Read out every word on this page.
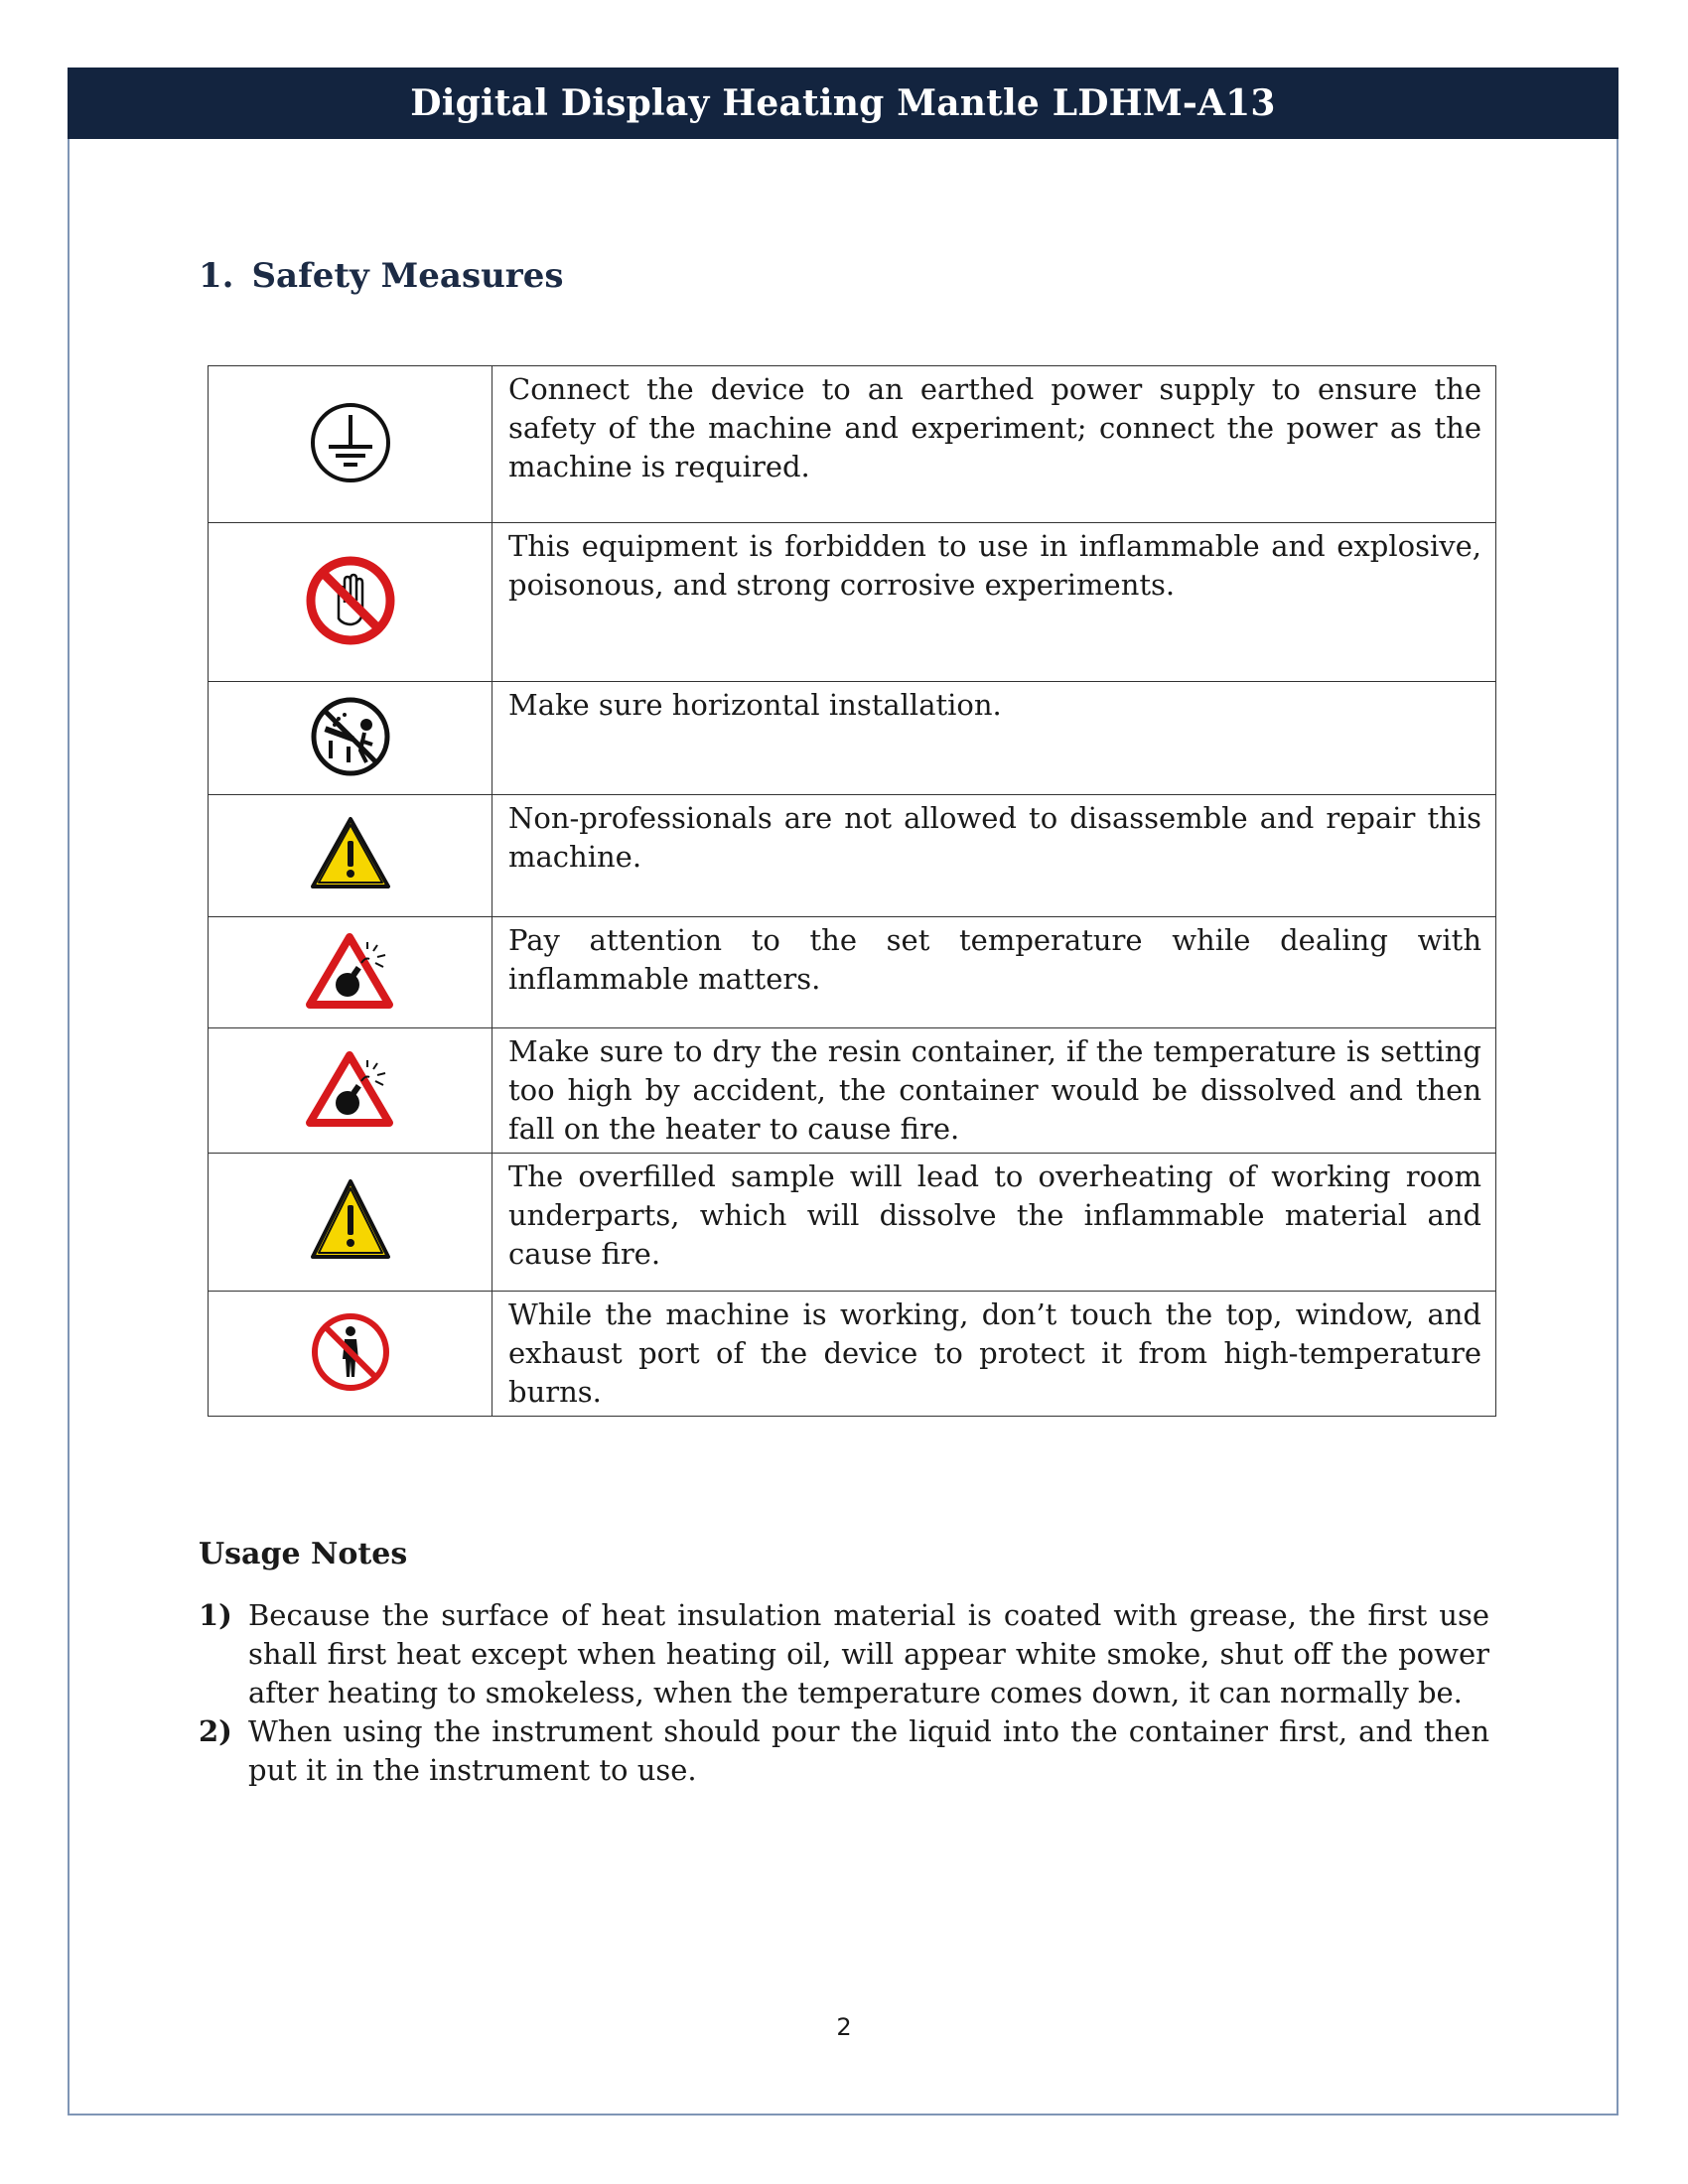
Digital Display Heating Mantle LDHM-A13
1. Safety Measures
	Connect the device to an earthed power supply to ensure the safety of the machine and experiment; connect the power as the machine is required.
	This equipment is forbidden to use in inflammable and explosive, poisonous, and strong corrosive experiments.
	Make sure horizontal installation.
	Non-professionals are not allowed to disassemble and repair this machine.
	Pay attention to the set temperature while dealing with inflammable matters.
	Make sure to dry the resin container, if the temperature is setting too high by accident, the container would be dissolved and then fall on the heater to cause fire.
	The overfilled sample will lead to overheating of working room underparts, which will dissolve the inflammable material and cause fire.
	While the machine is working, don’t touch the top, window, and exhaust port of the device to protect it from high-temperature burns.
Usage Notes
1) Because the surface of heat insulation material is coated with grease, the first use shall first heat except when heating oil, will appear white smoke, shut off the power after heating to smokeless, when the temperature comes down, it can normally be.
2) When using the instrument should pour the liquid into the container first, and then put it in the instrument to use.
2
